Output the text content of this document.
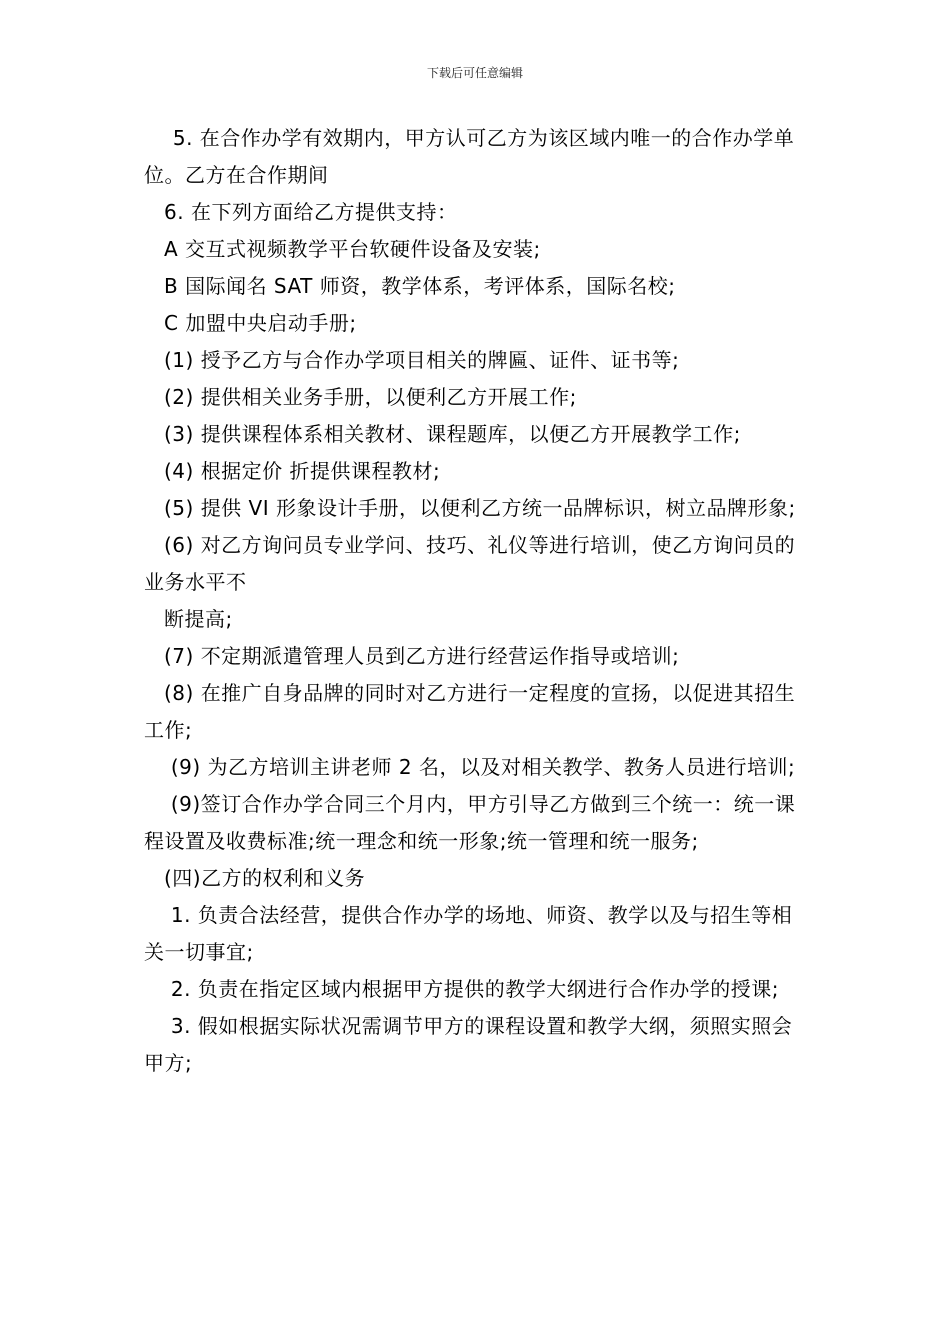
下载后可任意编辑

5. 在合作办学有效期内，甲方认可乙方为该区域内唯一的合作办学单位。乙方在合作期间

6. 在下列方面给乙方提供支持：

A 交互式视频教学平台软硬件设备及安装;

B 国际闻名 SAT 师资，教学体系，考评体系，国际名校;

C 加盟中央启动手册;

(1) 授予乙方与合作办学项目相关的牌匾、证件、证书等;

(2) 提供相关业务手册，以便利乙方开展工作;

(3) 提供课程体系相关教材、课程题库，以便乙方开展教学工作;

(4) 根据定价 折提供课程教材;

(5) 提供 VI 形象设计手册，以便利乙方统一品牌标识，树立品牌形象;

(6) 对乙方询问员专业学问、技巧、礼仪等进行培训，使乙方询问员的业务水平不

断提高;

(7) 不定期派遣管理人员到乙方进行经营运作指导或培训;

(8) 在推广自身品牌的同时对乙方进行一定程度的宣扬，以促进其招生工作;

(9) 为乙方培训主讲老师 2 名，以及对相关教学、教务人员进行培训;

(9)签订合作办学合同三个月内，甲方引导乙方做到三个统一：统一课程设置及收费标准;统一理念和统一形象;统一管理和统一服务;

(四)乙方的权利和义务

1. 负责合法经营，提供合作办学的场地、师资、教学以及与招生等相关一切事宜;

2. 负责在指定区域内根据甲方提供的教学大纲进行合作办学的授课;

3. 假如根据实际状况需调节甲方的课程设置和教学大纲，须照实照会甲方;
